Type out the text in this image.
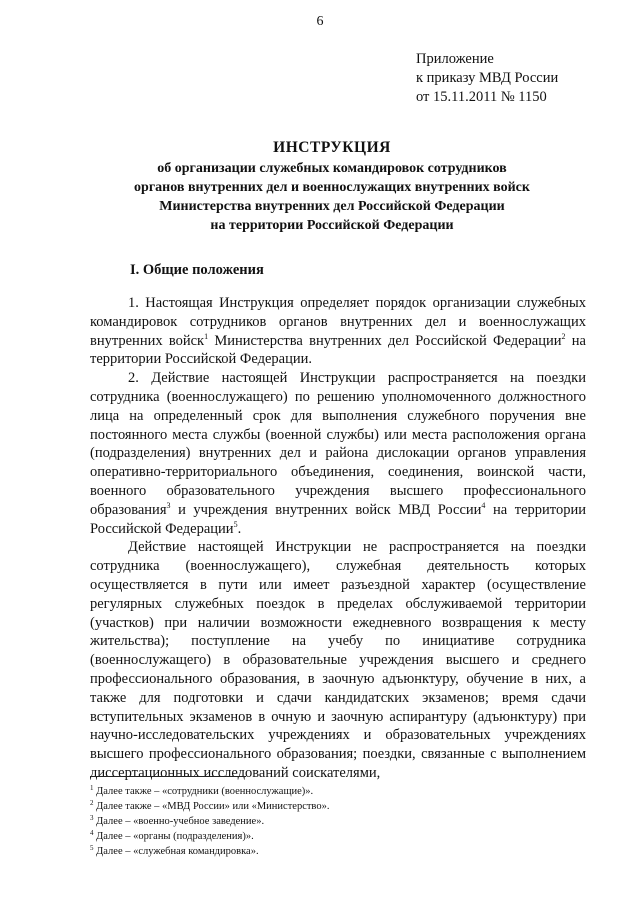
6
Приложение
к приказу МВД России
от 15.11.2011 № 1150
ИНСТРУКЦИЯ
об организации служебных командировок сотрудников
органов внутренних дел и военнослужащих внутренних войск
Министерства внутренних дел Российской Федерации
на территории Российской Федерации
I. Общие положения

1. Настоящая Инструкция определяет порядок организации служебных командировок сотрудников органов внутренних дел и военнослужащих внутренних войск$^1$ Министерства внутренних дел Российской Федерации$^2$ на территории Российской Федерации.

2. Действие настоящей Инструкции распространяется на поездки сотрудника (военнослужащего) по решению уполномоченного должностного лица на определенный срок для выполнения служебного поручения вне постоянного места службы (военной службы) или места расположения органа (подразделения) внутренних дел и района дислокации органов управления оперативно-территориального объединения, соединения, воинской части, военного образовательного учреждения высшего профессионального образования$^3$ и учреждения внутренних войск МВД России$^4$ на территории Российской Федерации$^5$.

Действие настоящей Инструкции не распространяется на поездки сотрудника (военнослужащего), служебная деятельность которых осуществляется в пути или имеет разъездной характер (осуществление регулярных служебных поездок в пределах обслуживаемой территории (участков) при наличии возможности ежедневного возвращения к месту жительства); поступление на учебу по инициативе сотрудника (военнослужащего) в образовательные учреждения высшего и среднего профессионального образования, в заочную адъюнктуру, обучение в них, а также для подготовки и сдачи кандидатских экзаменов; время сдачи вступительных экзаменов в очную и заочную аспирантуру (адъюнктуру) при научно-исследовательских учреждениях и образовательных учреждениях высшего профессионального образования; поездки, связанные с выполнением диссертационных исследований соискателями,

$^1$ Далее также – «сотрудники (военнослужащие)».
$^2$ Далее также – «МВД России» или «Министерство».
$^3$ Далее – «военно-учебное заведение».
$^4$ Далее – «органы (подразделения)».
$^5$ Далее – «служебная командировка».
